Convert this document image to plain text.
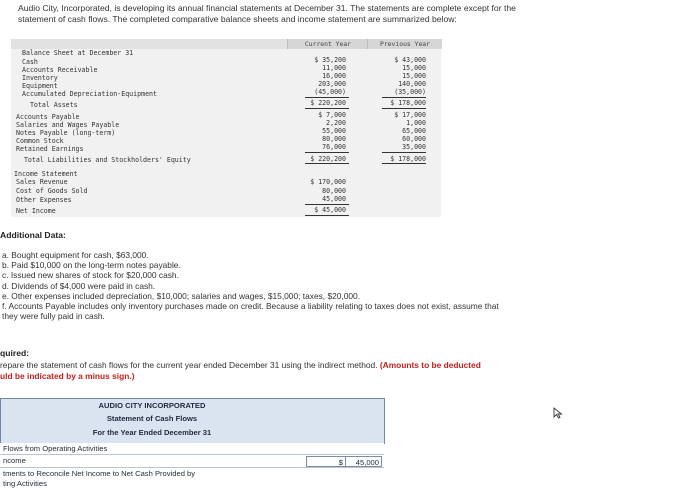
Audio City, Incorporated, is developing its annual financial statements at December 31. The statements are complete except for the
statement of cash flows. The completed comparative balance sheets and income statement are summarized below:
Current Year	Previous Year
Balance Sheet at December 31
Cash	$ 35,200	$ 43,000
Accounts Receivable	11,000	15,000
Inventory	16,000	15,000
Equipment	203,000	140,000
Accumulated Depreciation-Equipment	(45,000)	(35,000)
Total Assets	$ 220,200	$ 178,000
Accounts Payable	$ 7,000	$ 17,000
Salaries and Wages Payable	2,200	1,000
Notes Payable (long-term)	55,000	65,000
Common Stock	80,000	60,000
Retained Earnings	76,000	35,000
Total Liabilities and Stockholders' Equity	$ 220,200	$ 178,000
Income Statement
Sales Revenue	$ 170,000
Cost of Goods Sold	80,000
Other Expenses	45,000
Net Income	$ 45,000
Additional Data:
a. Bought equipment for cash, $63,000.
b. Paid $10,000 on the long-term notes payable.
c. Issued new shares of stock for $20,000 cash.
d. Dividends of $4,000 were paid in cash.
e. Other expenses included depreciation, $10,000; salaries and wages, $15,000; taxes, $20,000.
f. Accounts Payable includes only inventory purchases made on credit. Because a liability relating to taxes does not exist, assume that
they were fully paid in cash.
quired:
repare the statement of cash flows for the current year ended December 31 using the indirect method. (Amounts to be deducted
uld be indicated by a minus sign.)
AUDIO CITY INCORPORATED
Statement of Cash Flows
For the Year Ended December 31
Flows from Operating Activities
ncome	$	45,000
tments to Reconcile Net Income to Net Cash Provided by
ting Activities
